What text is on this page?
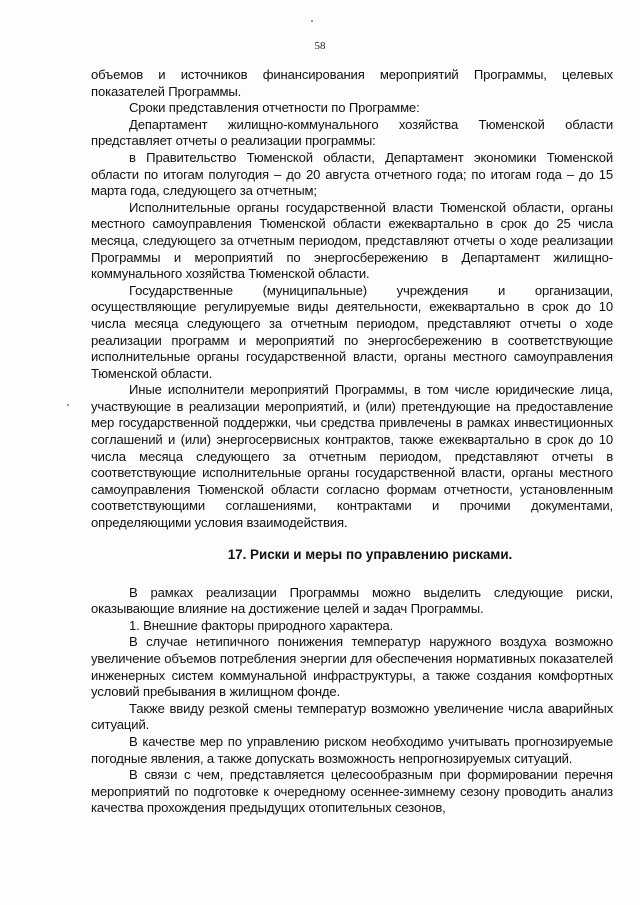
58

объемов и источников финансирования мероприятий Программы, целевых показателей Программы.

Сроки представления отчетности по Программе:

Департамент жилищно-коммунального хозяйства Тюменской области представляет отчеты о реализации программы:

в Правительство Тюменской области, Департамент экономики Тюменской области по итогам полугодия – до 20 августа отчетного года; по итогам года – до 15 марта года, следующего за отчетным;

Исполнительные органы государственной власти Тюменской области, органы местного самоуправления Тюменской области ежеквартально в срок до 25 числа месяца, следующего за отчетным периодом, представляют отчеты о ходе реализации Программы и мероприятий по энергосбережению в Департамент жилищно-коммунального хозяйства Тюменской области.

Государственные (муниципальные) учреждения и организации, осуществляющие регулируемые виды деятельности, ежеквартально в срок до 10 числа месяца следующего за отчетным периодом, представляют отчеты о ходе реализации программ и мероприятий по энергосбережению в соответствующие исполнительные органы государственной власти, органы местного самоуправления Тюменской области.

Иные исполнители мероприятий Программы, в том числе юридические лица, участвующие в реализации мероприятий, и (или) претендующие на предоставление мер государственной поддержки, чьи средства привлечены в рамках инвестиционных соглашений и (или) энергосервисных контрактов, также ежеквартально в срок до 10 числа месяца следующего за отчетным периодом, представляют отчеты в соответствующие исполнительные органы государственной власти, органы местного самоуправления Тюменской области согласно формам отчетности, установленным соответствующими соглашениями, контрактами и прочими документами, определяющими условия взаимодействия.

17. Риски и меры по управлению рисками.

В рамках реализации Программы можно выделить следующие риски, оказывающие влияние на достижение целей и задач Программы.

1. Внешние факторы природного характера.

В случае нетипичного понижения температур наружного воздуха возможно увеличение объемов потребления энергии для обеспечения нормативных показателей инженерных систем коммунальной инфраструктуры, а также создания комфортных условий пребывания в жилищном фонде.

Также ввиду резкой смены температур возможно увеличение числа аварийных ситуаций.

В качестве мер по управлению риском необходимо учитывать прогнозируемые погодные явления, а также допускать возможность непрогнозируемых ситуаций.

В связи с чем, представляется целесообразным при формировании перечня мероприятий по подготовке к очередному осеннее-зимнему сезону проводить анализ качества прохождения предыдущих отопительных сезонов,
